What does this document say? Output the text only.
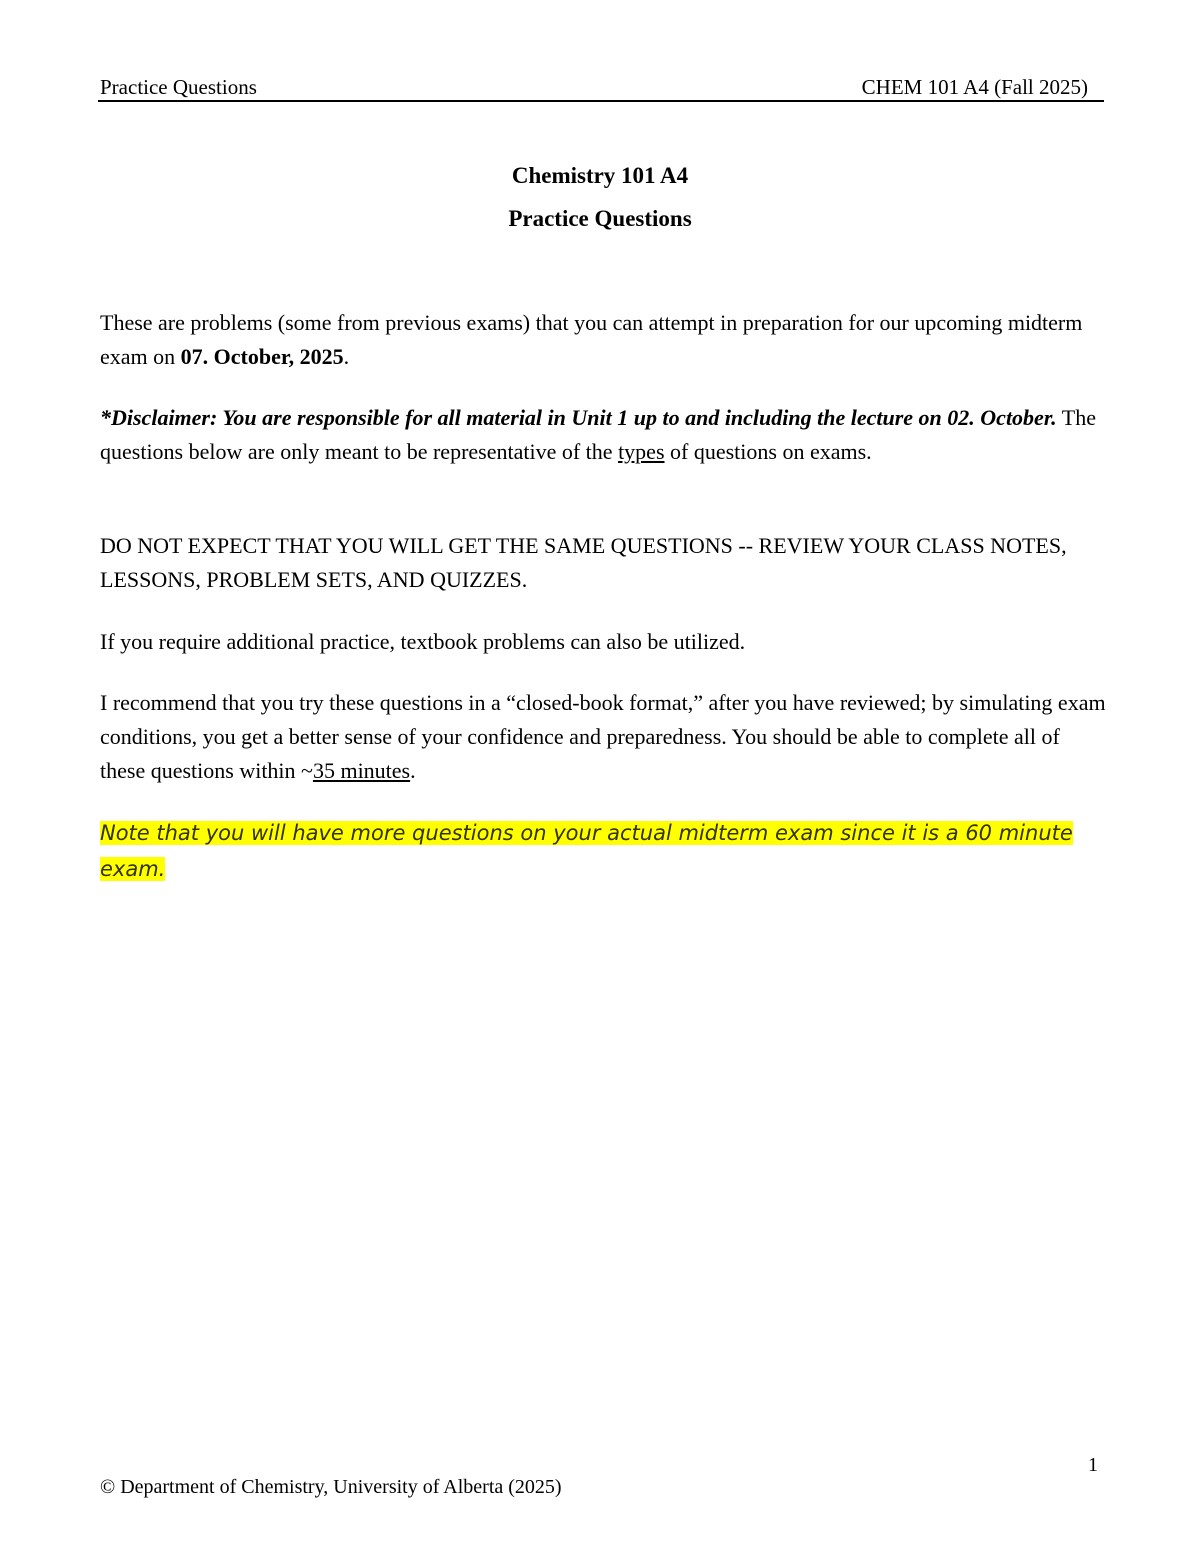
Practice Questions	CHEM 101 A4 (Fall 2025)
Chemistry 101 A4
Practice Questions
These are problems (some from previous exams) that you can attempt in preparation for our upcoming midterm exam on 07. October, 2025.
*Disclaimer: You are responsible for all material in Unit 1 up to and including the lecture on 02. October. The questions below are only meant to be representative of the types of questions on exams.
DO NOT EXPECT THAT YOU WILL GET THE SAME QUESTIONS -- REVIEW YOUR CLASS NOTES, LESSONS, PROBLEM SETS, AND QUIZZES.
If you require additional practice, textbook problems can also be utilized.
I recommend that you try these questions in a “closed-book format,” after you have reviewed; by simulating exam conditions, you get a better sense of your confidence and preparedness. You should be able to complete all of these questions within ~35 minutes.
Note that you will have more questions on your actual midterm exam since it is a 60 minute exam.
1
© Department of Chemistry, University of Alberta (2025)
